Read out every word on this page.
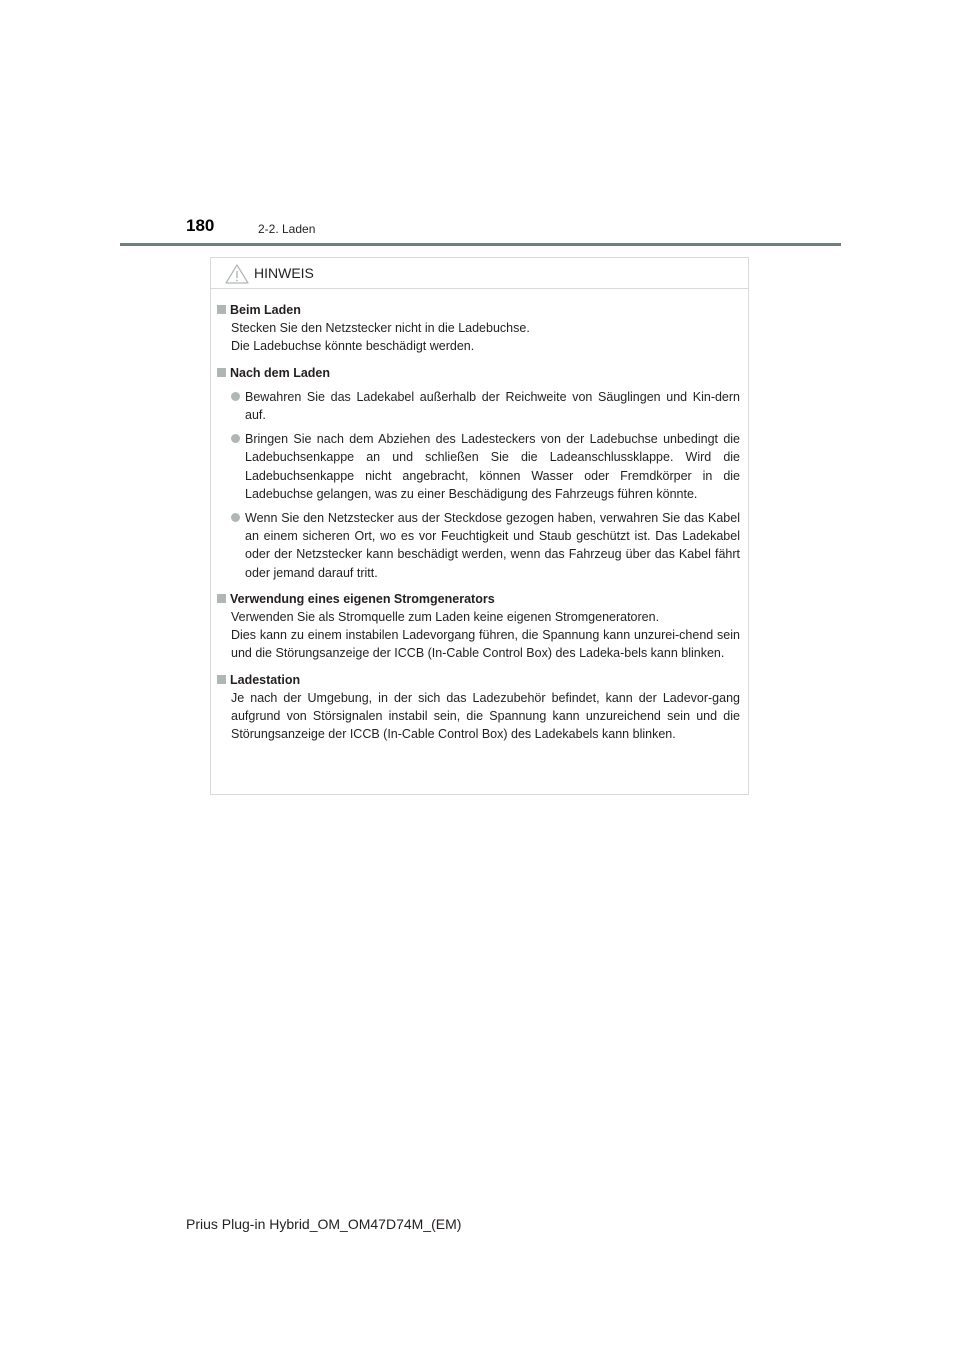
180	2-2. Laden
HINWEIS
Beim Laden
Stecken Sie den Netzstecker nicht in die Ladebuchse.
Die Ladebuchse könnte beschädigt werden.
Nach dem Laden
Bewahren Sie das Ladekabel außerhalb der Reichweite von Säuglingen und Kin-dern auf.
Bringen Sie nach dem Abziehen des Ladesteckers von der Ladebuchse unbedingt die Ladebuchsenkappe an und schließen Sie die Ladeanschlussklappe. Wird die Ladebuchsenkappe nicht angebracht, können Wasser oder Fremdkörper in die Ladebuchse gelangen, was zu einer Beschädigung des Fahrzeugs führen könnte.
Wenn Sie den Netzstecker aus der Steckdose gezogen haben, verwahren Sie das Kabel an einem sicheren Ort, wo es vor Feuchtigkeit und Staub geschützt ist. Das Ladekabel oder der Netzstecker kann beschädigt werden, wenn das Fahrzeug über das Kabel fährt oder jemand darauf tritt.
Verwendung eines eigenen Stromgenerators
Verwenden Sie als Stromquelle zum Laden keine eigenen Stromgeneratoren.
Dies kann zu einem instabilen Ladevorgang führen, die Spannung kann unzurei-chend sein und die Störungsanzeige der ICCB (In-Cable Control Box) des Ladeka-bels kann blinken.
Ladestation
Je nach der Umgebung, in der sich das Ladezubehör befindet, kann der Ladevor-gang aufgrund von Störsignalen instabil sein, die Spannung kann unzureichend sein und die Störungsanzeige der ICCB (In-Cable Control Box) des Ladekabels kann blinken.
Prius Plug-in Hybrid_OM_OM47D74M_(EM)
